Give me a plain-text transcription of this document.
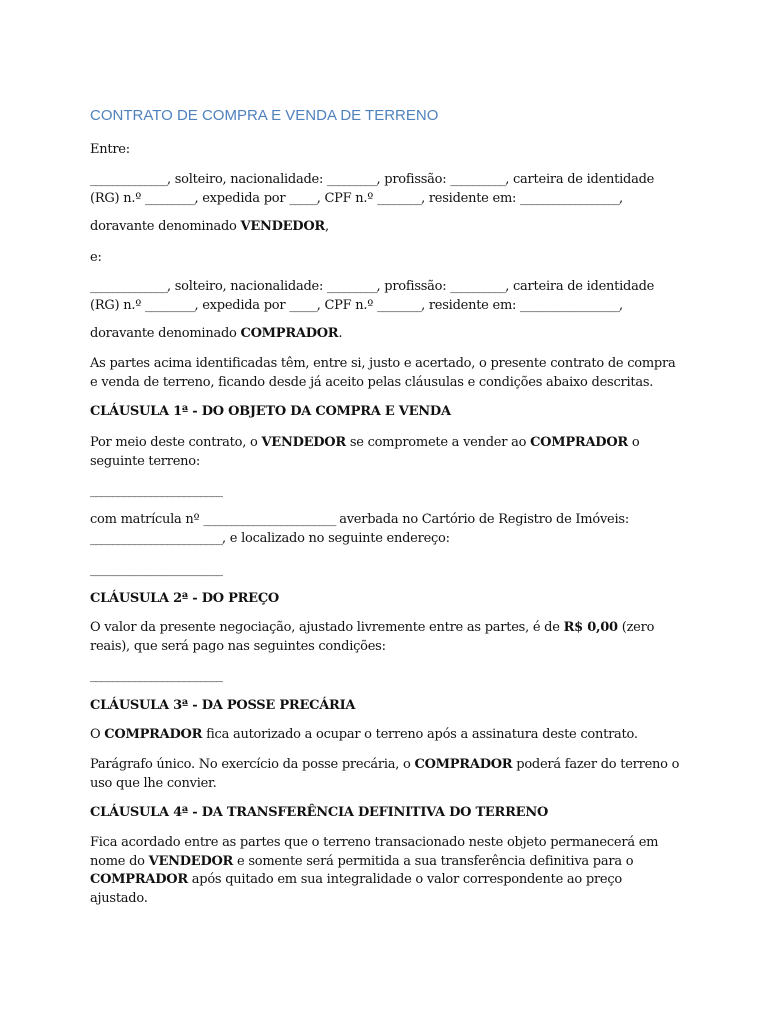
CONTRATO DE COMPRA E VENDA DE TERRENO

Entre:

______________, solteiro, nacionalidade: _________, profissão: __________, carteira de identidade
(RG) n.º _________, expedida por _____, CPF n.º ________, residente em: __________________,

doravante denominado VENDEDOR,

e:

______________, solteiro, nacionalidade: _________, profissão: __________, carteira de identidade
(RG) n.º _________, expedida por _____, CPF n.º ________, residente em: __________________,

doravante denominado COMPRADOR.

As partes acima identificadas têm, entre si, justo e acertado, o presente contrato de compra e venda de terreno, ficando desde já aceito pelas cláusulas e condições abaixo descritas.

CLÁUSULA 1ª - DO OBJETO DA COMPRA E VENDA

Por meio deste contrato, o VENDEDOR se compromete a vender ao COMPRADOR o seguinte terreno:

________________________

com matrícula nº ________________________ averbada no Cartório de Registro de Imóveis: ________________________, e localizado no seguinte endereço:

________________________

CLÁUSULA 2ª - DO PREÇO

O valor da presente negociação, ajustado livremente entre as partes, é de R$ 0,00 (zero reais), que será pago nas seguintes condições:

________________________

CLÁUSULA 3ª - DA POSSE PRECÁRIA

O COMPRADOR fica autorizado a ocupar o terreno após a assinatura deste contrato.

Parágrafo único. No exercício da posse precária, o COMPRADOR poderá fazer do terreno o uso que lhe convier.

CLÁUSULA 4ª - DA TRANSFERÊNCIA DEFINITIVA DO TERRENO

Fica acordado entre as partes que o terreno transacionado neste objeto permanecerá em nome do VENDEDOR e somente será permitida a sua transferência definitiva para o COMPRADOR após quitado em sua integralidade o valor correspondente ao preço ajustado.
